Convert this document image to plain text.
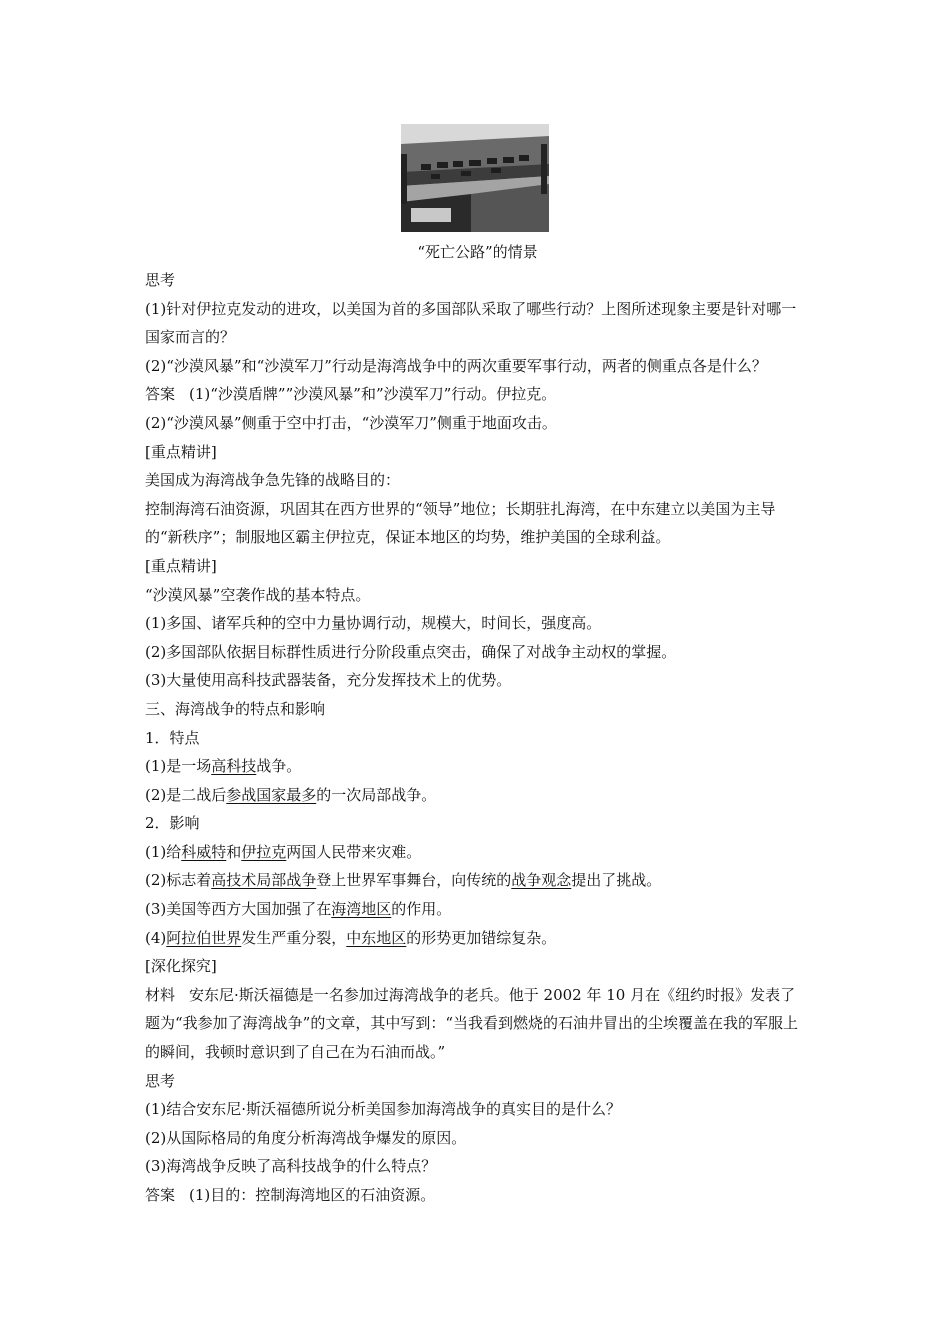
“死亡公路”的情景

思考

(1)针对伊拉克发动的进攻，以美国为首的多国部队采取了哪些行动？上图所述现象主要是针对哪一国家而言的？

(2)“沙漠风暴”和“沙漠军刀”行动是海湾战争中的两次重要军事行动，两者的侧重点各是什么？

答案 (1)“沙漠盾牌””沙漠风暴”和”沙漠军刀”行动。伊拉克。

(2)“沙漠风暴”侧重于空中打击，“沙漠军刀”侧重于地面攻击。

[重点精讲]

美国成为海湾战争急先锋的战略目的：

控制海湾石油资源，巩固其在西方世界的“领导”地位；长期驻扎海湾，在中东建立以美国为主导的“新秩序”；制服地区霸主伊拉克，保证本地区的均势，维护美国的全球利益。

[重点精讲]

“沙漠风暴”空袭作战的基本特点。

(1)多国、诸军兵种的空中力量协调行动，规模大，时间长，强度高。

(2)多国部队依据目标群性质进行分阶段重点突击，确保了对战争主动权的掌握。

(3)大量使用高科技武器装备，充分发挥技术上的优势。

三、海湾战争的特点和影响

1．特点

(1)是一场高科技战争。

(2)是二战后参战国家最多的一次局部战争。

2．影响

(1)给科威特和伊拉克两国人民带来灾难。

(2)标志着高技术局部战争登上世界军事舞台，向传统的战争观念提出了挑战。

(3)美国等西方大国加强了在海湾地区的作用。

(4)阿拉伯世界发生严重分裂，中东地区的形势更加错综复杂。

[深化探究]

材料 安东尼·斯沃福德是一名参加过海湾战争的老兵。他于 2002 年 10 月在《纽约时报》发表了题为“我参加了海湾战争”的文章，其中写到：“当我看到燃烧的石油井冒出的尘埃覆盖在我的军服上的瞬间，我顿时意识到了自己在为石油而战。”

思考

(1)结合安东尼·斯沃福德所说分析美国参加海湾战争的真实目的是什么？

(2)从国际格局的角度分析海湾战争爆发的原因。

(3)海湾战争反映了高科技战争的什么特点？

答案 (1)目的：控制海湾地区的石油资源。
